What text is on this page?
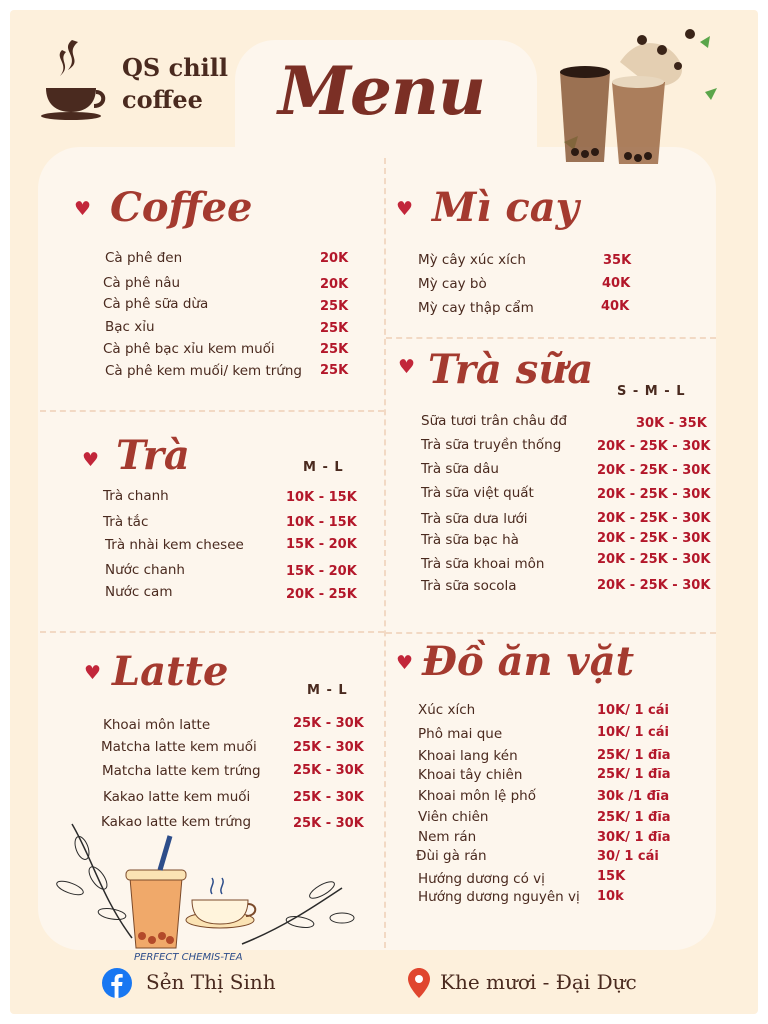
QS chill
coffee	Menu
♥ Coffee
Cà phê đen	20K
Cà phê nâu	20K
Cà phê sữa dừa	25K
Bạc xỉu	25K
Cà phê bạc xỉu kem muối	25K
Cà phê kem muối/ kem trứng 25K
♥ Trà	M - L
Trà chanh	10K - 15K
Trà tắc	10K - 15K
Trà nhài kem chesee	15K - 20K
Nước chanh	15K - 20K
Nước cam	20K - 25K
♥ Latte	M - L
Khoai môn latte	25K - 30K
Matcha latte kem muối	25K - 30K
Matcha latte kem trứng 25K - 30K
Kakao latte kem muối	25K - 30K
Kakao latte kem trứng	25K - 30K
PERFECT CHEMIS-TEA
♥ Mì cay
Mỳ cây xúc xích	35K
Mỳ cay bò	40K
Mỳ cay thập cẩm	40K
♥ Trà sữa S - M - L
Sữa tươi trân châu đđ	30K - 35K
Trà sữa truyền thống	20K - 25K - 30K
Trà sữa dâu	20K - 25K - 30K
Trà sữa việt quất	20K - 25K - 30K
Trà sữa dưa lưới	20K - 25K - 30K
Trà sữa bạc hà	20K - 25K - 30K
Trà sữa khoai môn	20K - 25K - 30K
Trà sữa socola	20K - 25K - 30K
♥ Đồ ăn vặt
Xúc xích	10K/ 1 cái
Phô mai que	10K/ 1 cái
Khoai lang kén	25K/ 1 đĩa
Khoai tây chiên	25K/ 1 đĩa
Khoai môn lệ phố	30k /1 đĩa
Viên chiên	25K/ 1 đĩa
Nem rán	30K/ 1 đĩa
Đùi gà rán	30/ 1 cái
Hướng dương có vị	15K
Hướng dương nguyên vị 10k
Sẻn Thị Sinh	Khe mươi - Đại Dực
